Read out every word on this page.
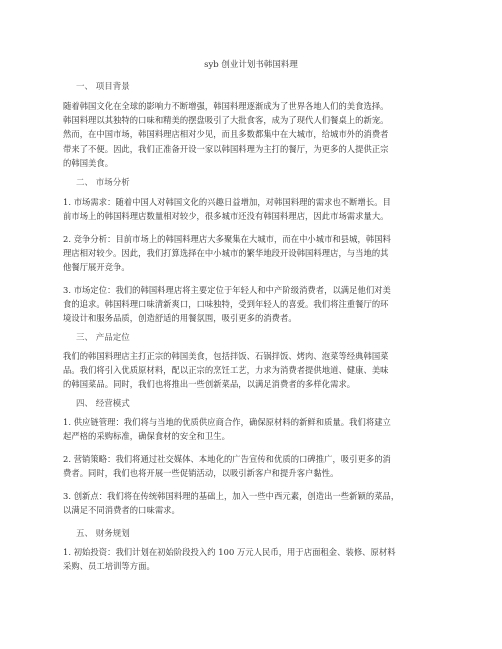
syb 创业计划书韩国料理
一、 项目背景
随着韩国文化在全球的影响力不断增强，韩国料理逐渐成为了世界各地人们的美食选择。
韩国料理以其独特的口味和精美的摆盘吸引了大批食客，成为了现代人们餐桌上的新宠。
然而，在中国市场，韩国料理店相对少见，而且多数都集中在大城市，给城市外的消费者
带来了不便。因此，我们正准备开设一家以韩国料理为主打的餐厅，为更多的人提供正宗
的韩国美食。
二、 市场分析
1. 市场需求：随着中国人对韩国文化的兴趣日益增加，对韩国料理的需求也不断增长。目
前市场上的韩国料理店数量相对较少，很多城市还没有韩国料理店，因此市场需求量大。
2. 竞争分析：目前市场上的韩国料理店大多聚集在大城市，而在中小城市和县城，韩国料
理店相对较少。因此，我们打算选择在中小城市的繁华地段开设韩国料理店，与当地的其
他餐厅展开竞争。
3. 市场定位：我们的韩国料理店将主要定位于年轻人和中产阶级消费者，以满足他们对美
食的追求。韩国料理口味清新爽口，口味独特，受到年轻人的喜爱。我们将注重餐厅的环
境设计和服务品质，创造舒适的用餐氛围，吸引更多的消费者。
三、 产品定位
我们的韩国料理店主打正宗的韩国美食，包括拌饭、石锅拌饭、烤肉、泡菜等经典韩国菜
品。我们将引入优质原材料，配以正宗的烹饪工艺，力求为消费者提供地道、健康、美味
的韩国菜品。同时，我们也将推出一些创新菜品，以满足消费者的多样化需求。
四、 经营模式
1. 供应链管理：我们将与当地的优质供应商合作，确保原材料的新鲜和质量。我们将建立
起严格的采购标准，确保食材的安全和卫生。
2. 营销策略：我们将通过社交媒体、本地化的广告宣传和优质的口碑推广，吸引更多的消
费者。同时，我们也将开展一些促销活动，以吸引新客户和提升客户黏性。
3. 创新点：我们将在传统韩国料理的基础上，加入一些中西元素，创造出一些新颖的菜品，
以满足不同消费者的口味需求。
五、 财务规划
1. 初始投资：我们计划在初始阶段投入约 100 万元人民币，用于店面租金、装修、原材料
采购、员工培训等方面。
